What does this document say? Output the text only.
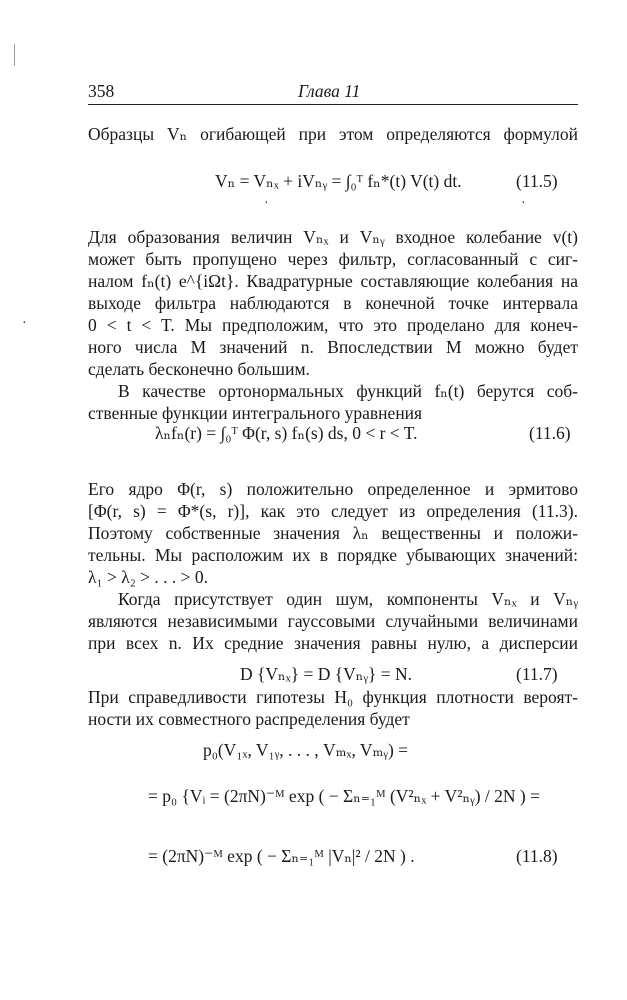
358	Глава 11
Образцы Vₙ огибающей при этом определяются формулой
Vₙ = Vₙₓ + iVₙᵧ = ∫₀ᵀ fₙ*(t) V(t) dt.	(11.5)
·	·
Для образования величин Vₙₓ и Vₙᵧ входное колебание v(t)
может быть пропущено через фильтр, согласованный с сиг-
налом fₙ(t) e^{iΩt}. Квадратурные составляющие колебания на
выходе фильтра наблюдаются в конечной точке интервала
0 < t < T. Мы предположим, что это проделано для конеч-
ного числа M значений n. Впоследствии M можно будет
сделать бесконечно большим.
·
В качестве ортонормальных функций fₙ(t) берутся соб-
ственные функции интегрального уравнения
λₙfₙ(r) = ∫₀ᵀ Φ(r, s) fₙ(s) ds, 0 < r < T.	(11.6)
Его ядро Φ(r, s) положительно определенное и эрмитово
[Φ(r, s) = Φ*(s, r)], как это следует из определения (11.3).
Поэтому собственные значения λₙ вещественны и положи-
тельны. Мы расположим их в порядке убывающих значений:
λ₁ > λ₂ > . . . > 0.
Когда присутствует один шум, компоненты Vₙₓ и Vₙᵧ
являются независимыми гауссовыми случайными величинами
при всех n. Их средние значения равны нулю, а дисперсии
D {Vₙₓ} = D {Vₙᵧ} = N.	(11.7)
При справедливости гипотезы H₀ функция плотности вероят-
ности их совместного распределения будет
p₀(V₁ₓ, V₁ᵧ, . . . , Vₘₓ, Vₘᵧ) =
= p₀ {Vᵢ = (2πN)⁻ᴹ exp ( − Σₙ₌₁ᴹ (V²ₙₓ + V²ₙᵧ) / 2N ) =
= (2πN)⁻ᴹ exp ( − Σₙ₌₁ᴹ |Vₙ|² / 2N ) .	(11.8)
